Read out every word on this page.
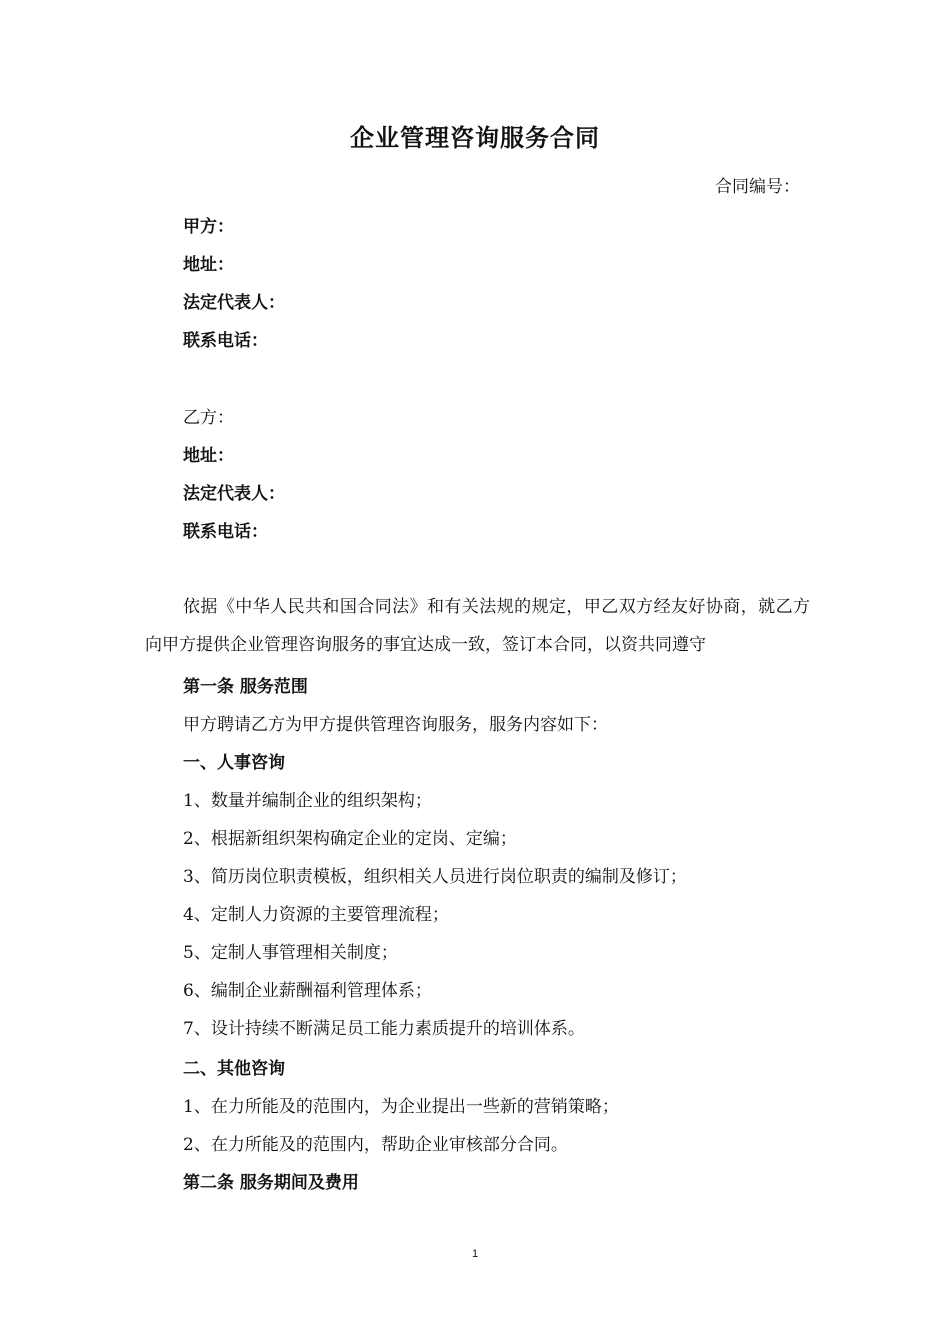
企业管理咨询服务合同
合同编号：
甲方：
地址：
法定代表人：
联系电话：
乙方：
地址：
法定代表人：
联系电话：
依据《中华人民共和国合同法》和有关法规的规定，甲乙双方经友好协商，就乙方向甲方提供企业管理咨询服务的事宜达成一致，签订本合同，以资共同遵守
第一条 服务范围
甲方聘请乙方为甲方提供管理咨询服务，服务内容如下：
一、人事咨询
1、数量并编制企业的组织架构；
2、根据新组织架构确定企业的定岗、定编；
3、简历岗位职责模板，组织相关人员进行岗位职责的编制及修订；
4、定制人力资源的主要管理流程；
5、定制人事管理相关制度；
6、编制企业薪酬福利管理体系；
7、设计持续不断满足员工能力素质提升的培训体系。
二、其他咨询
1、在力所能及的范围内，为企业提出一些新的营销策略；
2、在力所能及的范围内，帮助企业审核部分合同。
第二条 服务期间及费用
1
